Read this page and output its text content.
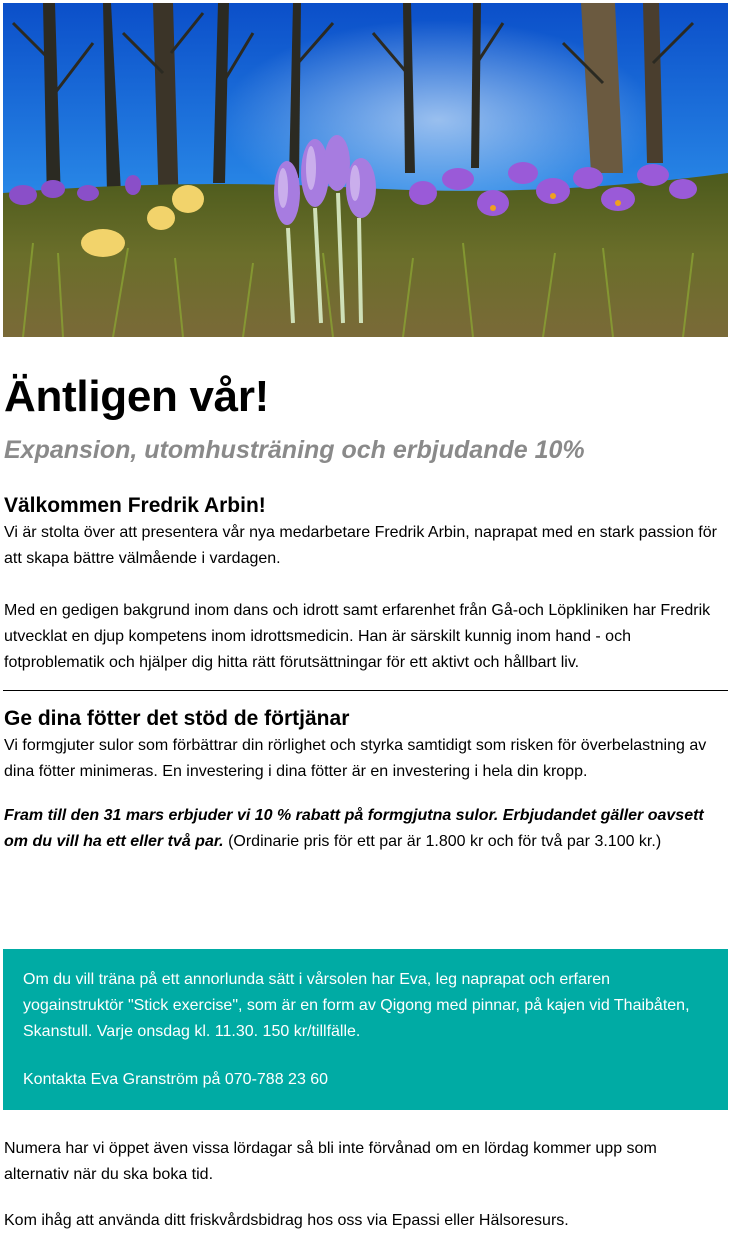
Äntligen vår!
Expansion, utomhusträning och erbjudande 10%
Välkommen Fredrik Arbin!

Vi är stolta över att presentera vår nya medarbetare Fredrik Arbin, naprapat med en stark passion för att skapa bättre välmående i vardagen.

Med en gedigen bakgrund inom dans och idrott samt erfarenhet från Gå-och Löpkliniken har Fredrik utvecklat en djup kompetens inom idrottsmedicin. Han är särskilt kunnig inom hand - och fotproblematik och hjälper dig hitta rätt förutsättningar för ett aktivt och hållbart liv.

Ge dina fötter det stöd de förtjänar

Vi formgjuter sulor som förbättrar din rörlighet och styrka samtidigt som risken för överbelastning av dina fötter minimeras. En investering i dina fötter är en investering i hela din kropp.

Fram till den 31 mars erbjuder vi 10 % rabatt på formgjutna sulor. Erbjudandet gäller oavsett om du vill ha ett eller två par. (Ordinarie pris för ett par är 1.800 kr och för två par 3.100 kr.)

Om du vill träna på ett annorlunda sätt i vårsolen har Eva, leg naprapat och erfaren yogainstruktör "Stick exercise", som är en form av Qigong med pinnar, på kajen vid Thaibåten, Skanstull. Varje onsdag kl. 11.30. 150 kr/tillfälle.

Kontakta Eva Granström på 070-788 23 60

Numera har vi öppet även vissa lördagar så bli inte förvånad om en lördag kommer upp som alternativ när du ska boka tid.

Kom ihåg att använda ditt friskvårdsbidrag hos oss via Epassi eller Hälsoresurs.
